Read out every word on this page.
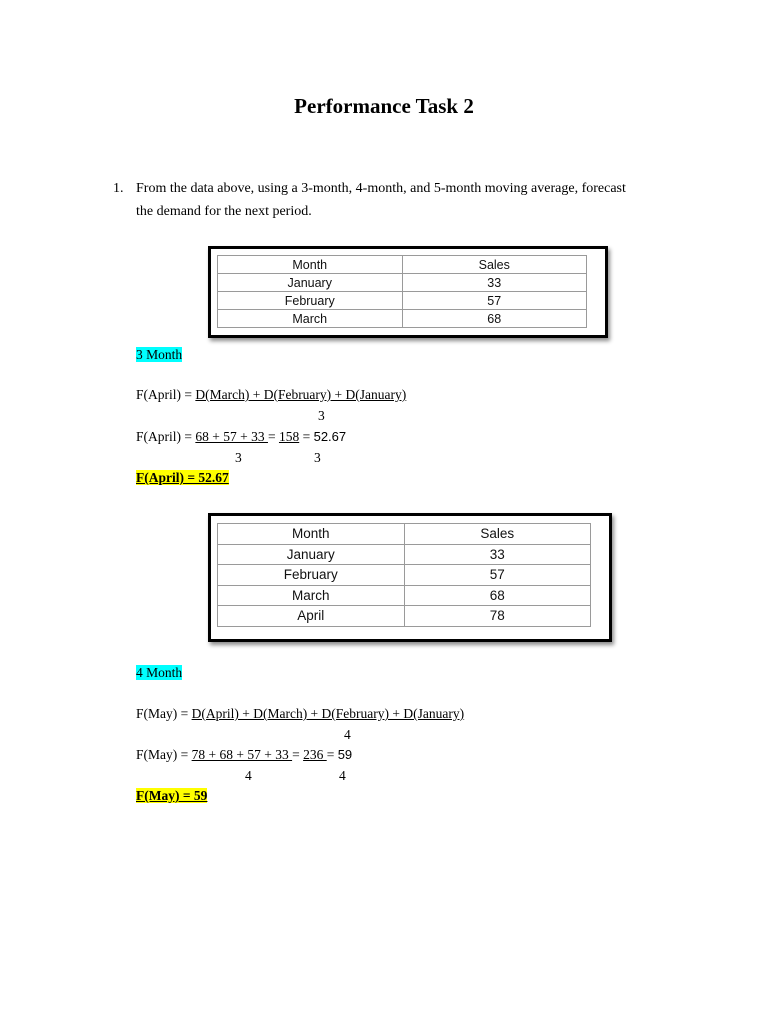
Performance Task 2
1. From the data above, using a 3-month, 4-month, and 5-month moving average, forecast
the demand for the next period.
Month	Sales
January	33
February	57
March	68
3 Month
F(April) = D(March) + D(February) + D(January)
3
F(April) = 68 + 57 + 33 = 158 = 52.67
3	3
F(April) = 52.67
Month	Sales
January	33
February	57
March	68
April	78
4 Month
F(May) = D(April) + D(March) + D(February) + D(January)
4
F(May) = 78 + 68 + 57 + 33 = 236 = 59
4	4
F(May) = 59
